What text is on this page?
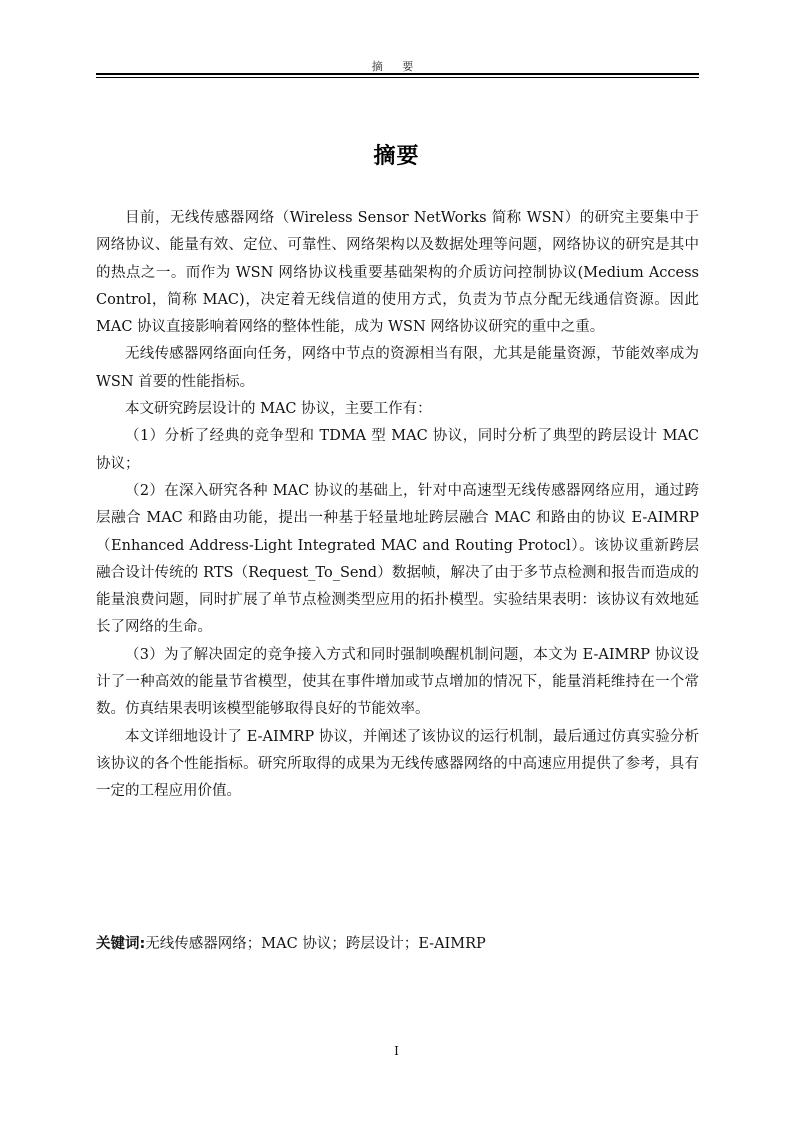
摘 要
摘要

目前，无线传感器网络（Wireless Sensor NetWorks 简称 WSN）的研究主要集中于网络协议、能量有效、定位、可靠性、网络架构以及数据处理等问题，网络协议的研究是其中的热点之一。而作为 WSN 网络协议栈重要基础架构的介质访问控制协议(Medium Access Control，简称 MAC)，决定着无线信道的使用方式，负责为节点分配无线通信资源。因此 MAC 协议直接影响着网络的整体性能，成为 WSN 网络协议研究的重中之重。

无线传感器网络面向任务，网络中节点的资源相当有限，尤其是能量资源，节能效率成为 WSN 首要的性能指标。

本文研究跨层设计的 MAC 协议，主要工作有：

（1）分析了经典的竞争型和 TDMA 型 MAC 协议，同时分析了典型的跨层设计 MAC 协议；

（2）在深入研究各种 MAC 协议的基础上，针对中高速型无线传感器网络应用，通过跨层融合 MAC 和路由功能，提出一种基于轻量地址跨层融合 MAC 和路由的协议 E-AIMRP（Enhanced Address-Light Integrated MAC and Routing Protocl）。该协议重新跨层融合设计传统的 RTS（Request_To_Send）数据帧，解决了由于多节点检测和报告而造成的能量浪费问题，同时扩展了单节点检测类型应用的拓扑模型。实验结果表明：该协议有效地延长了网络的生命。

（3）为了解决固定的竞争接入方式和同时强制唤醒机制问题，本文为 E-AIMRP 协议设计了一种高效的能量节省模型，使其在事件增加或节点增加的情况下，能量消耗维持在一个常数。仿真结果表明该模型能够取得良好的节能效率。

本文详细地设计了 E-AIMRP 协议，并阐述了该协议的运行机制，最后通过仿真实验分析该协议的各个性能指标。研究所取得的成果为无线传感器网络的中高速应用提供了参考，具有一定的工程应用价值。

关键词:无线传感器网络；MAC 协议；跨层设计；E-AIMRP
I
